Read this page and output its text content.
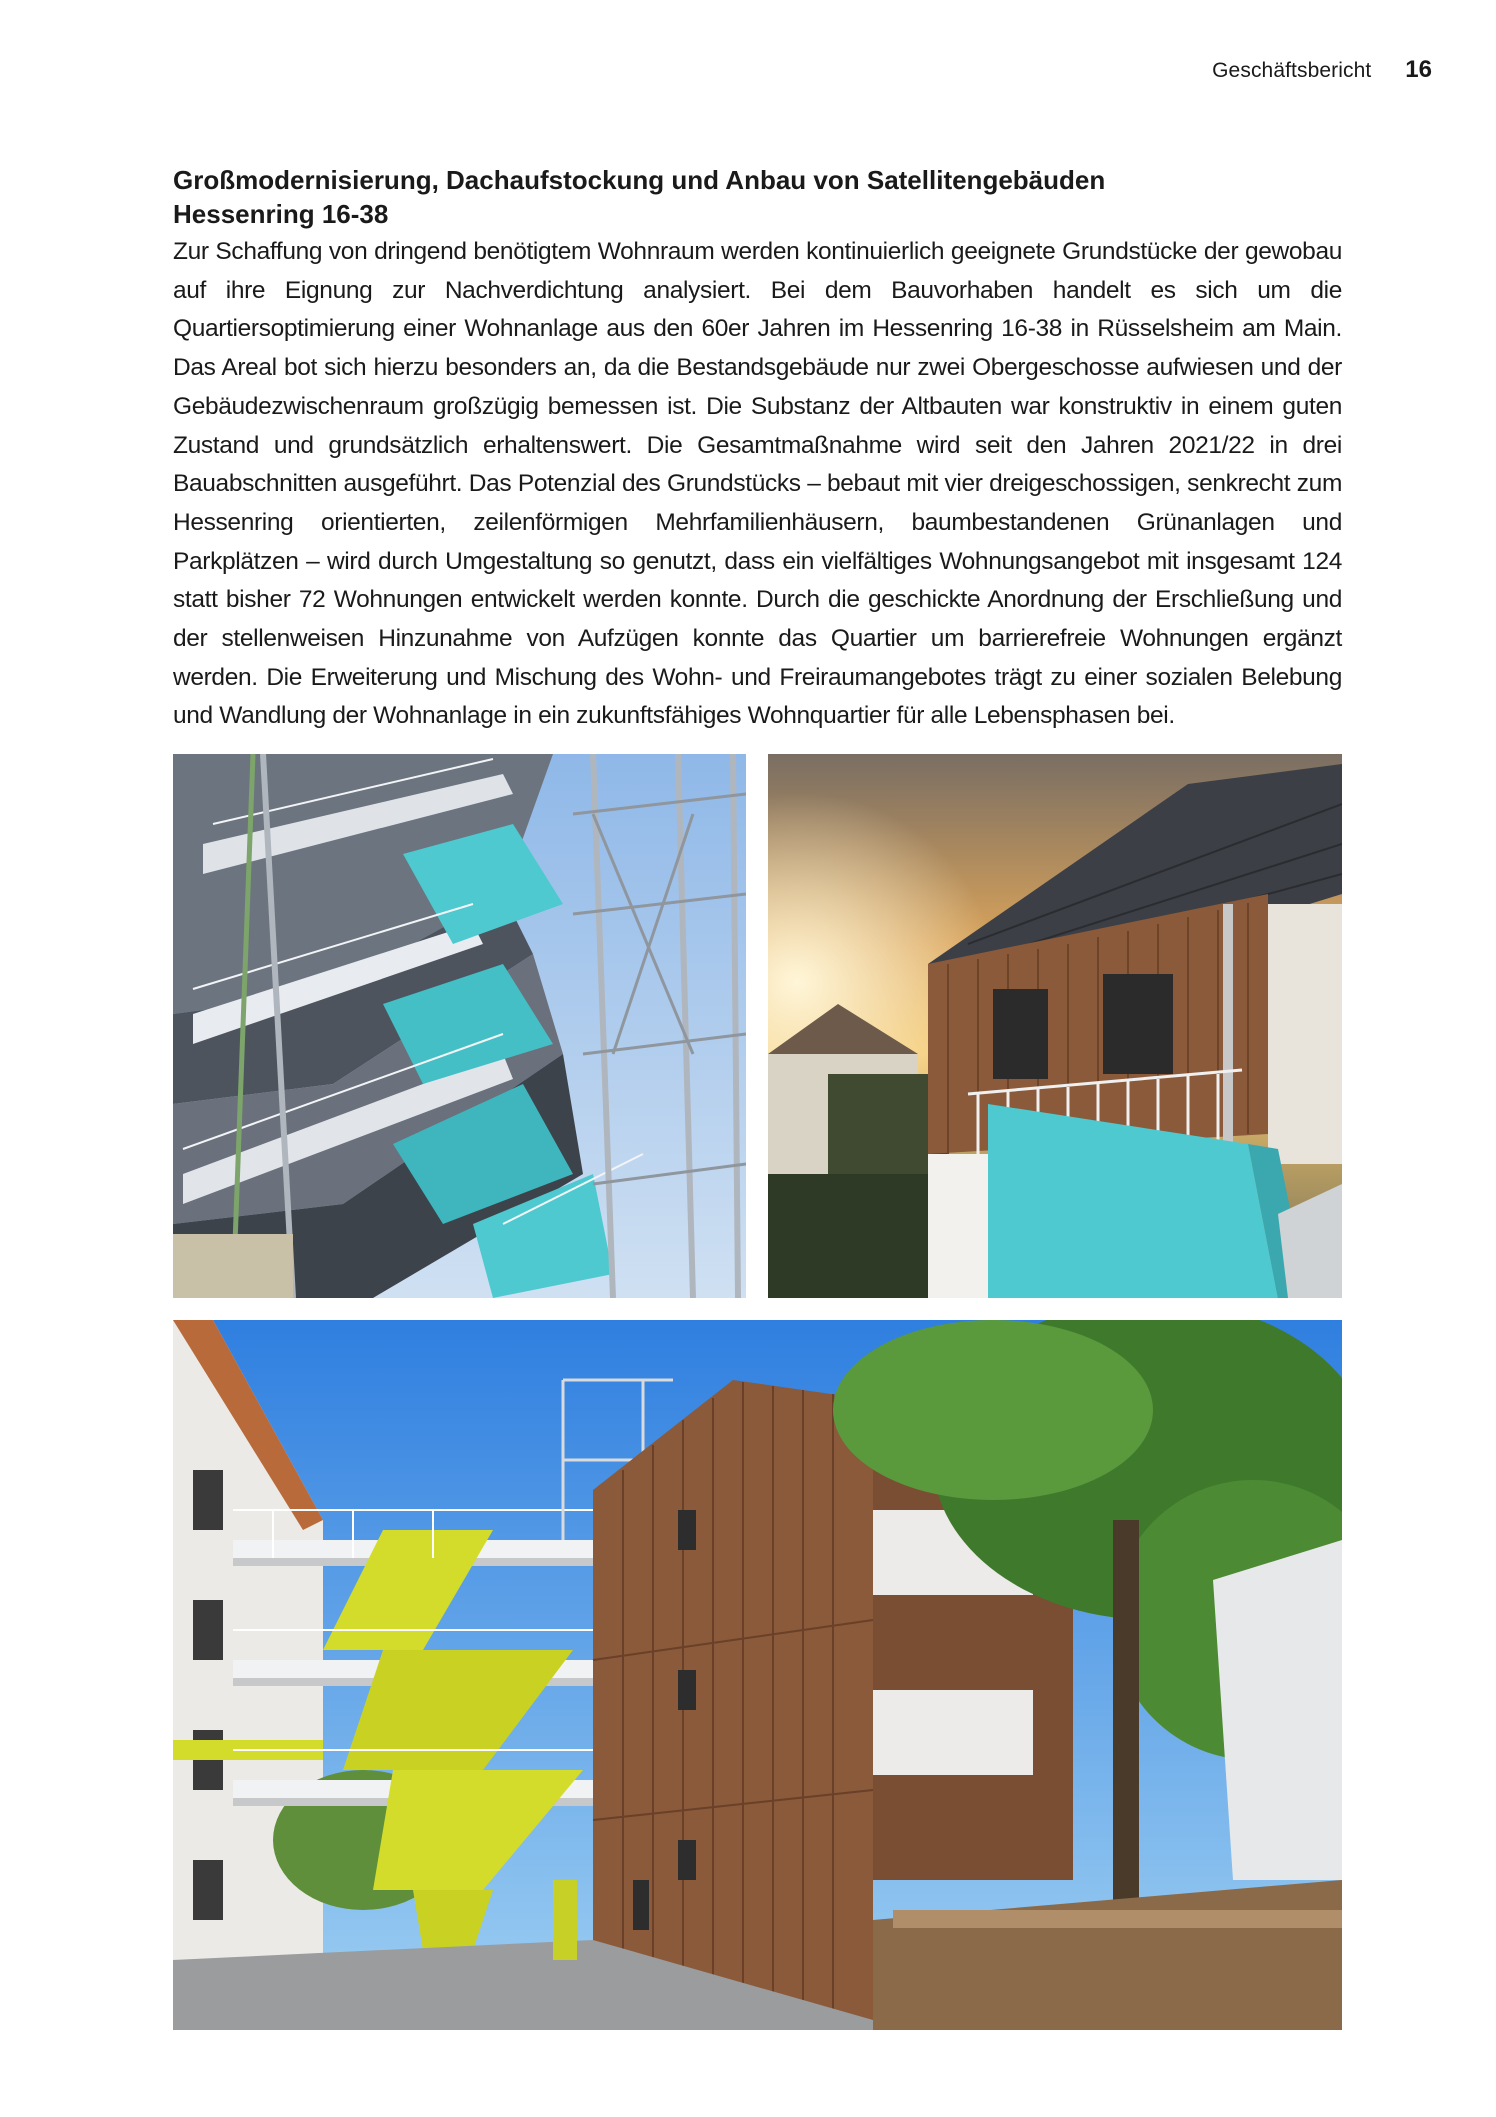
Geschäftsbericht 16
Großmodernisierung, Dachaufstockung und Anbau von Satellitengebäuden
Hessenring 16-38

Zur Schaffung von dringend benötigtem Wohnraum werden kontinuierlich geeignete Grundstücke der gewobau auf ihre Eignung zur Nachverdichtung analysiert. Bei dem Bauvorhaben handelt es sich um die Quartiersoptimierung einer Wohnanlage aus den 60er Jahren im Hessenring 16-38 in Rüsselsheim am Main. Das Areal bot sich hierzu besonders an, da die Bestandsgebäude nur zwei Obergeschosse aufwiesen und der Gebäudezwischenraum großzügig bemessen ist. Die Substanz der Altbauten war konstruktiv in einem guten Zustand und grundsätzlich erhaltenswert. Die Gesamtmaßnahme wird seit den Jahren 2021/22 in drei Bauabschnitten ausgeführt. Das Potenzial des Grundstücks – bebaut mit vier dreigeschossigen, senkrecht zum Hessenring orientierten, zeilenförmigen Mehrfamilienhäusern, baumbestandenen Grünanlagen und Parkplätzen – wird durch Umgestaltung so genutzt, dass ein vielfältiges Wohnungsangebot mit insgesamt 124 statt bisher 72 Wohnungen entwickelt werden konnte. Durch die geschickte Anordnung der Erschließung und der stellenweisen Hinzunahme von Aufzügen konnte das Quartier um barrierefreie Wohnungen ergänzt werden. Die Erweiterung und Mischung des Wohn- und Freiraumangebotes trägt zu einer sozialen Belebung und Wandlung der Wohnanlage in ein zukunftsfähiges Wohnquartier für alle Lebensphasen bei.
